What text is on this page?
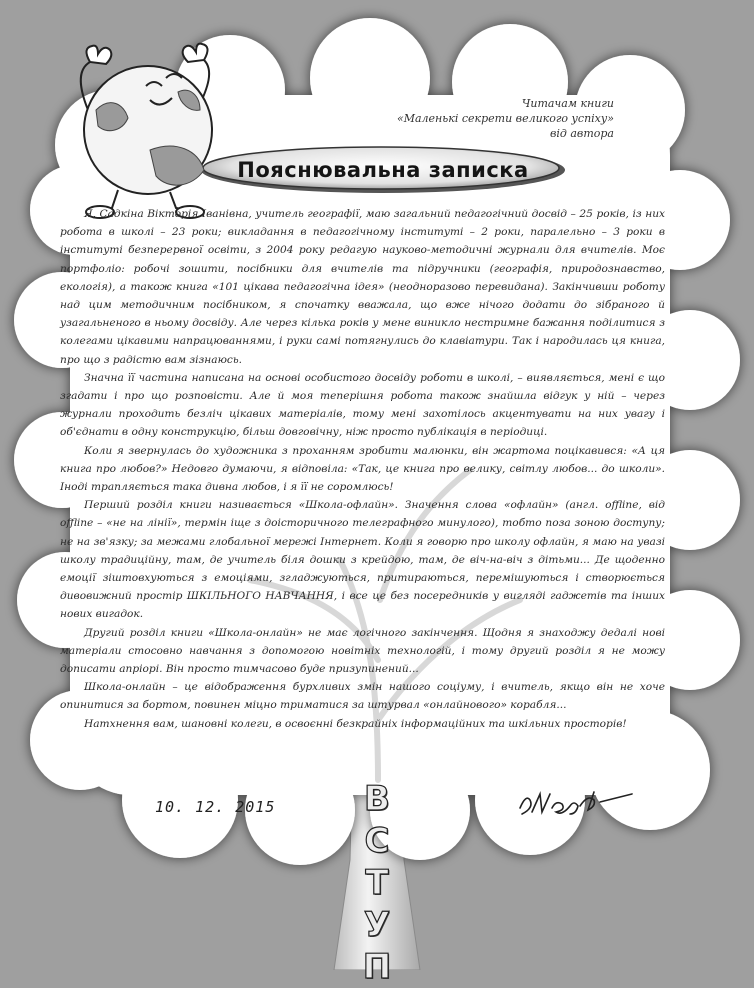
Читачам книги
«Маленькі секрети великого успіху»
від автора
Пояснювальна записка

Я, Садкіна Вікторія Іванівна, учитель географії, маю загальний педагогічний досвід – 25 років, із них робота в школі – 23 роки; викладання в педагогічному інституті – 2 роки, паралельно – 3 роки в інституті безперервної освіти, з 2004 року редагую науково-методичні журнали для вчителів. Моє портфоліо: робочі зошити, посібники для вчителів та підручники (географія, природознавство, екологія), а також книга «101 цікава педагогічна ідея» (неодноразово перевидана). Закінчивши роботу над цим методичним посібником, я спочатку вважала, що вже нічого додати до зібраного й узагальненого в ньому досвіду. Але через кілька років у мене виникло нестримне бажання поділитися з колегами цікавими напрацюваннями, і руки самі потягнулись до клавіатури. Так і народилась ця книга, про що з радістю вам зізнаюсь.

Значна її частина написана на основі особистого досвіду роботи в школі, – виявляється, мені є що згадати і про що розповісти. Але й моя теперішня робота також знайшла відгук у ній – через журнали проходить безліч цікавих матеріалів, тому мені захотілось акцентувати на них увагу і об'єднати в одну конструкцію, більш довговічну, ніж просто публікація в періодиці.

Коли я звернулась до художника з проханням зробити малюнки, він жартома поцікавився: «А ця книга про любов?» Недовго думаючи, я відповіла: «Так, це книга про велику, світлу любов... до школи». Іноді трапляється така дивна любов, і я її не соромлюсь!

Перший розділ книги називається «Школа-офлайн». Значення слова «офлайн» (англ. offline, від offline – «не на лінії», термін іще з доісторичного телеграфного минулого), тобто поза зоною доступу; не на зв'язку; за межами глобальної мережі Інтернет. Коли я говорю про школу офлайн, я маю на увазі школу традиційну, там, де учитель біля дошки з крейдою, там, де віч-на-віч з дітьми... Де щоденно емоції зіштовхуються з емоціями, згладжуються, притираються, перемішуються і створюється дивовижний простір ШКІЛЬНОГО НАВЧАННЯ, і все це без посередників у вигляді гаджетів та інших нових вигадок.

Другий розділ книги «Школа-онлайн» не має логічного закінчення. Щодня я знаходжу дедалі нові матеріали стосовно навчання з допомогою новітніх технологій, і тому другий розділ я не можу дописати апріорі. Він просто тимчасово буде призупинений...

Школа-онлайн – це відображення бурхливих змін нашого соціуму, і вчитель, якщо він не хоче опинитися за бортом, повинен міцно триматися за штурвал «онлайнового» корабля...

Натхнення вам, шановні колеги, в освоєнні безкрайніх інформаційних та шкільних просторів!

10. 12. 2015	В
С
Т
У
П
